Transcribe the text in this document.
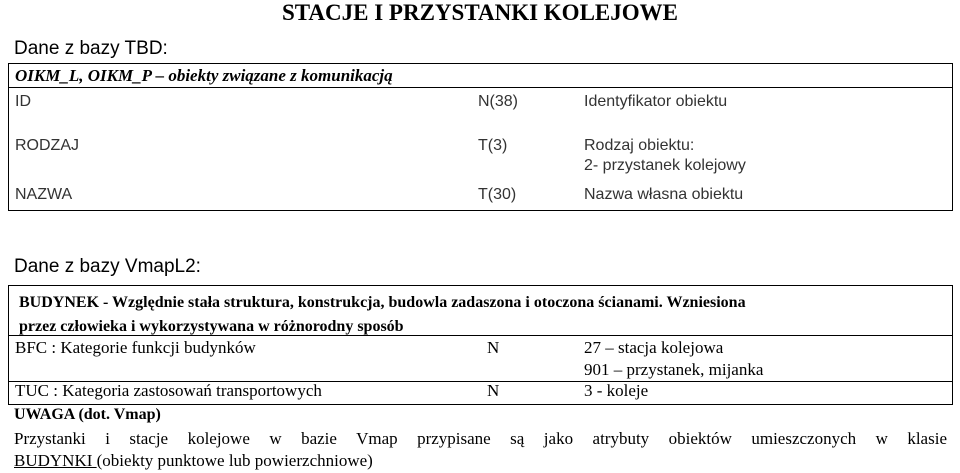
STACJE I PRZYSTANKI KOLEJOWE
Dane z bazy TBD:
OIKM_L, OIKM_P – obiekty związane z komunikacją
ID	N(38)	Identyfikator obiektu
RODZAJ	T(3)	Rodzaj obiektu:
2- przystanek kolejowy
NAZWA	T(30)	Nazwa własna obiektu
Dane z bazy VmapL2:
BUDYNEK - Względnie stała struktura, konstrukcja, budowla zadaszona i otoczona ścianami. Wzniesiona
przez człowieka i wykorzystywana w różnorodny sposób
BFC : Kategorie funkcji budynków	N	27 – stacja kolejowa
901 – przystanek, mijanka
TUC : Kategoria zastosowań transportowych	N	3 - koleje
UWAGA (dot. Vmap)
Przystanki i stacje kolejowe w bazie Vmap przypisane są jako atrybuty obiektów umieszczonych w klasie
BUDYNKI (obiekty punktowe lub powierzchniowe)
